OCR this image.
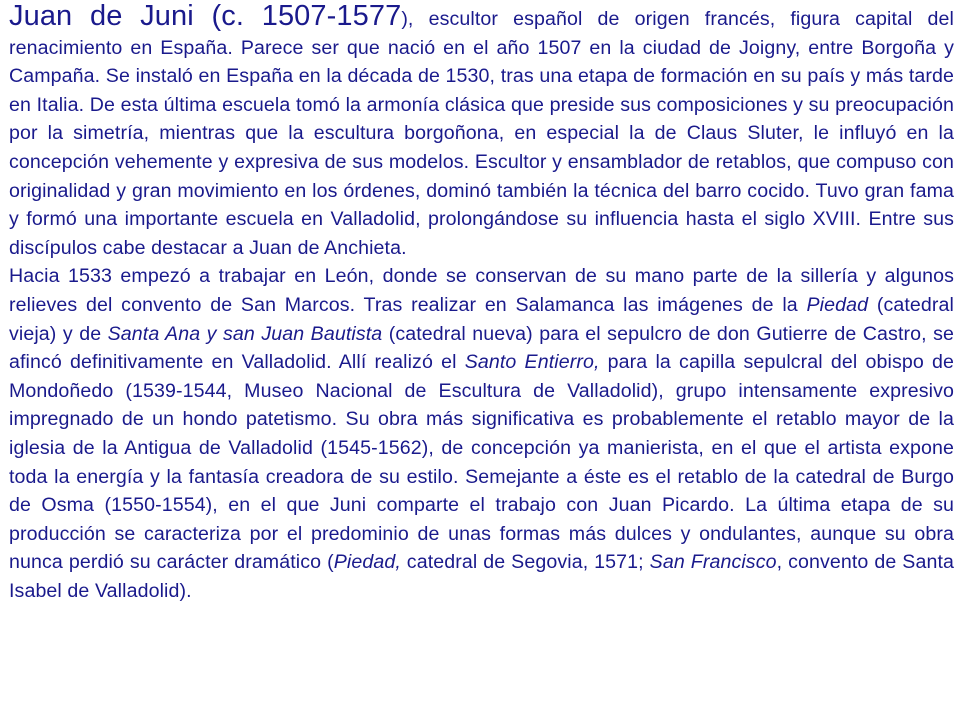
Juan de Juni (c. 1507-1577), escultor español de origen francés, figura capital del renacimiento en España. Parece ser que nació en el año 1507 en la ciudad de Joigny, entre Borgoña y Campaña. Se instaló en España en la década de 1530, tras una etapa de formación en su país y más tarde en Italia. De esta última escuela tomó la armonía clásica que preside sus composiciones y su preocupación por la simetría, mientras que la escultura borgoñona, en especial la de Claus Sluter, le influyó en la concepción vehemente y expresiva de sus modelos. Escultor y ensamblador de retablos, que compuso con originalidad y gran movimiento en los órdenes, dominó también la técnica del barro cocido. Tuvo gran fama y formó una importante escuela en Valladolid, prolongándose su influencia hasta el siglo XVIII. Entre sus discípulos cabe destacar a Juan de Anchieta.

Hacia 1533 empezó a trabajar en León, donde se conservan de su mano parte de la sillería y algunos relieves del convento de San Marcos. Tras realizar en Salamanca las imágenes de la Piedad (catedral vieja) y de Santa Ana y san Juan Bautista (catedral nueva) para el sepulcro de don Gutierre de Castro, se afincó definitivamente en Valladolid. Allí realizó el Santo Entierro, para la capilla sepulcral del obispo de Mondoñedo (1539-1544, Museo Nacional de Escultura de Valladolid), grupo intensamente expresivo impregnado de un hondo patetismo. Su obra más significativa es probablemente el retablo mayor de la iglesia de la Antigua de Valladolid (1545-1562), de concepción ya manierista, en el que el artista expone toda la energía y la fantasía creadora de su estilo. Semejante a éste es el retablo de la catedral de Burgo de Osma (1550-1554), en el que Juni comparte el trabajo con Juan Picardo. La última etapa de su producción se caracteriza por el predominio de unas formas más dulces y ondulantes, aunque su obra nunca perdió su carácter dramático (Piedad, catedral de Segovia, 1571; San Francisco, convento de Santa Isabel de Valladolid).
